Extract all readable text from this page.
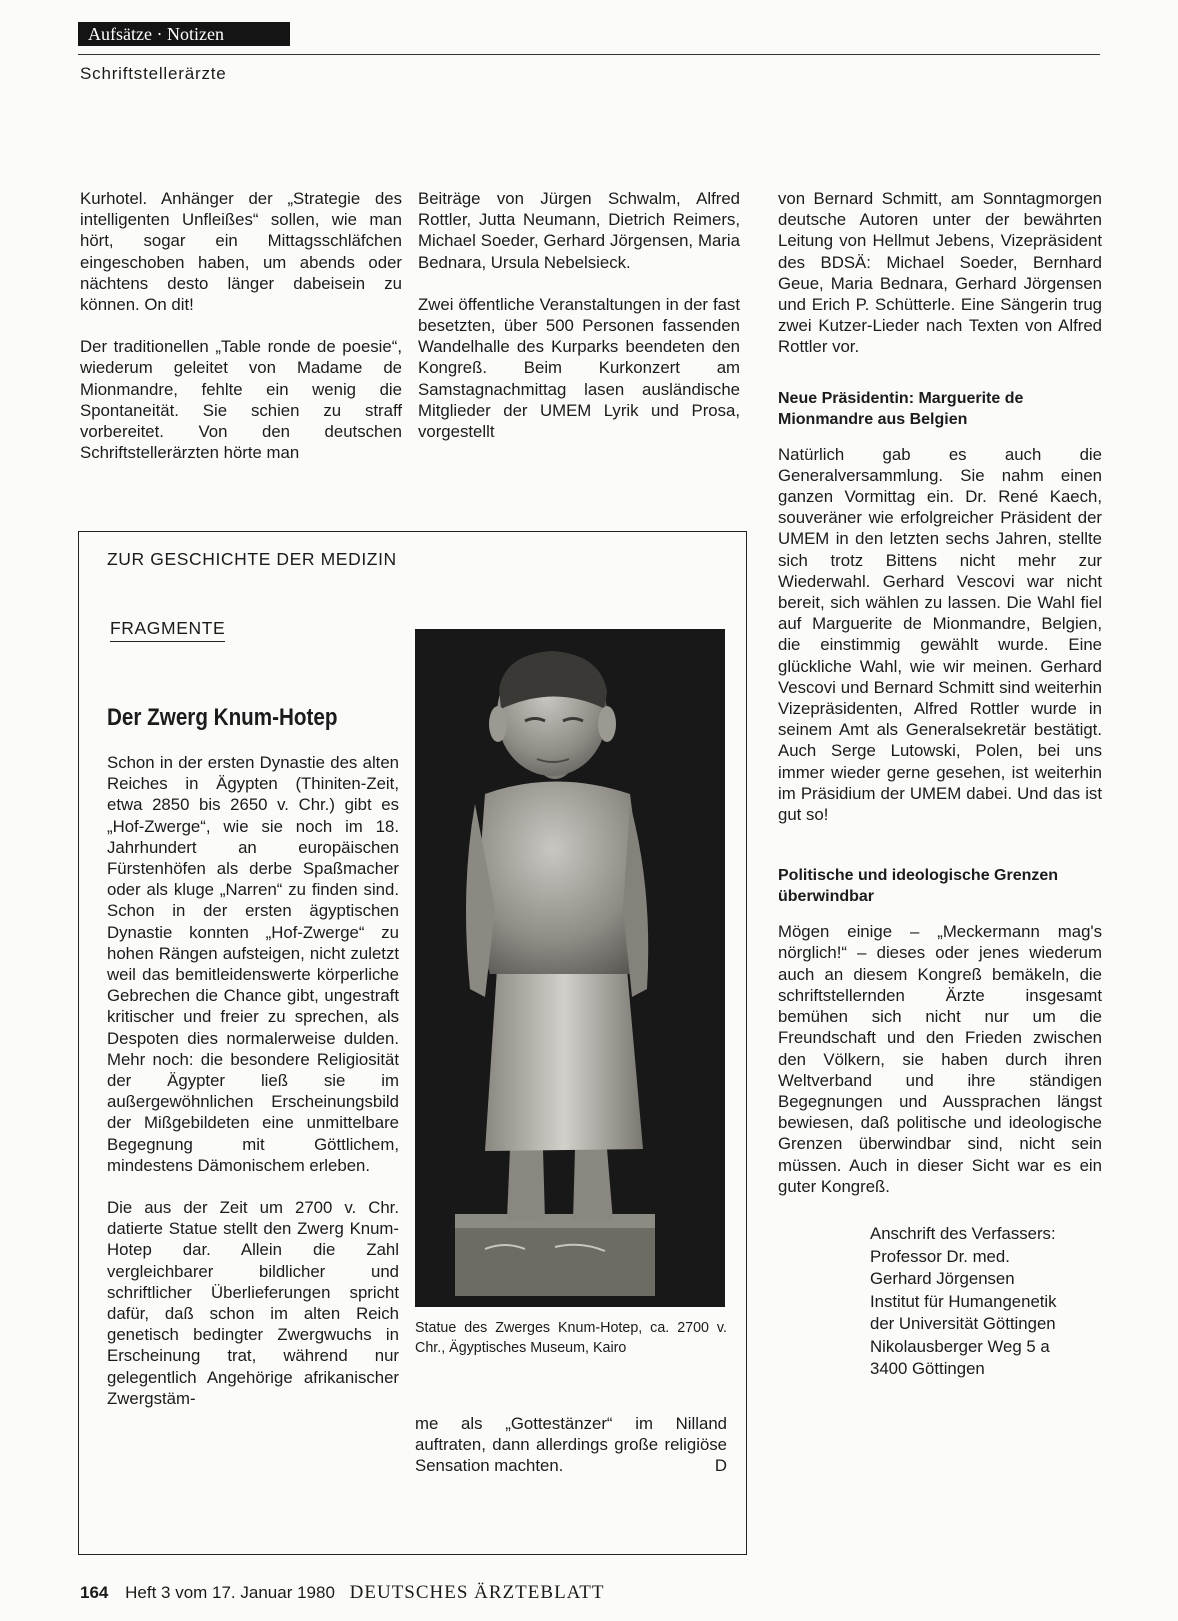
Aufsätze · Notizen
Schriftstellerärzte

Kurhotel. Anhänger der „Strategie des intelligenten Unfleißes“ sollen, wie man hört, sogar ein Mittagsschläfchen eingeschoben haben, um abends oder nächtens desto länger dabeisein zu können. On dit!

Der traditionellen „Table ronde de poesie“, wiederum geleitet von Madame de Mionmandre, fehlte ein wenig die Spontaneität. Sie schien zu straff vorbereitet. Von den deutschen Schriftstellerärzten hörte man

Beiträge von Jürgen Schwalm, Alfred Rottler, Jutta Neumann, Dietrich Reimers, Michael Soeder, Gerhard Jörgensen, Maria Bednara, Ursula Nebelsieck.

Zwei öffentliche Veranstaltungen in der fast besetzten, über 500 Personen fassenden Wandelhalle des Kurparks beendeten den Kongreß. Beim Kurkonzert am Samstagnachmittag lasen ausländische Mitglieder der UMEM Lyrik und Prosa, vorgestellt

von Bernard Schmitt, am Sonntagmorgen deutsche Autoren unter der bewährten Leitung von Hellmut Jebens, Vizepräsident des BDSÄ: Michael Soeder, Bernhard Geue, Maria Bednara, Gerhard Jörgensen und Erich P. Schütterle. Eine Sängerin trug zwei Kutzer-Lieder nach Texten von Alfred Rottler vor.

Neue Präsidentin: Marguerite de Mionmandre aus Belgien

Natürlich gab es auch die Generalversammlung. Sie nahm einen ganzen Vormittag ein. Dr. René Kaech, souveräner wie erfolgreicher Präsident der UMEM in den letzten sechs Jahren, stellte sich trotz Bittens nicht mehr zur Wiederwahl. Gerhard Vescovi war nicht bereit, sich wählen zu lassen. Die Wahl fiel auf Marguerite de Mionmandre, Belgien, die einstimmig gewählt wurde. Eine glückliche Wahl, wie wir meinen. Gerhard Vescovi und Bernard Schmitt sind weiterhin Vizepräsidenten, Alfred Rottler wurde in seinem Amt als Generalsekretär bestätigt. Auch Serge Lutowski, Polen, bei uns immer wieder gerne gesehen, ist weiterhin im Präsidium der UMEM dabei. Und das ist gut so!

Politische und ideologische Grenzen überwindbar

Mögen einige – „Meckermann mag's nörglich!“ – dieses oder jenes wiederum auch an diesem Kongreß bemäkeln, die schriftstellernden Ärzte insgesamt bemühen sich nicht nur um die Freundschaft und den Frieden zwischen den Völkern, sie haben durch ihren Weltverband und ihre ständigen Begegnungen und Aussprachen längst bewiesen, daß politische und ideologische Grenzen überwindbar sind, nicht sein müssen. Auch in dieser Sicht war es ein guter Kongreß.

Anschrift des Verfassers:
Professor Dr. med.
Gerhard Jörgensen
Institut für Humangenetik
der Universität Göttingen
Nikolausberger Weg 5 a
3400 Göttingen
ZUR GESCHICHTE DER MEDIZIN
FRAGMENTE
Der Zwerg Knum-Hotep

Schon in der ersten Dynastie des alten Reiches in Ägypten (Thiniten-Zeit, etwa 2850 bis 2650 v. Chr.) gibt es „Hof-Zwerge“, wie sie noch im 18. Jahrhundert an europäischen Fürstenhöfen als derbe Spaßmacher oder als kluge „Narren“ zu finden sind. Schon in der ersten ägyptischen Dynastie konnten „Hof-Zwerge“ zu hohen Rängen aufsteigen, nicht zuletzt weil das bemitleidenswerte körperliche Gebrechen die Chance gibt, ungestraft kritischer und freier zu sprechen, als Despoten dies normalerweise dulden. Mehr noch: die besondere Religiosität der Ägypter ließ sie im außergewöhnlichen Erscheinungsbild der Mißgebildeten eine unmittelbare Begegnung mit Göttlichem, mindestens Dämonischem erleben.

Die aus der Zeit um 2700 v. Chr. datierte Statue stellt den Zwerg Knum-Hotep dar. Allein die Zahl vergleichbarer bildlicher und schriftlicher Überlieferungen spricht dafür, daß schon im alten Reich genetisch bedingter Zwergwuchs in Erscheinung trat, während nur gelegentlich Angehörige afrikanischer Zwergstäm-

Statue des Zwerges Knum-Hotep, ca. 2700 v. Chr., Ägyptisches Museum, Kairo

me als „Gottestänzer“ im Nilland auftraten, dann allerdings große religiöse Sensation machten.	D

164 Heft 3 vom 17. Januar 1980 DEUTSCHES ÄRZTEBLATT
